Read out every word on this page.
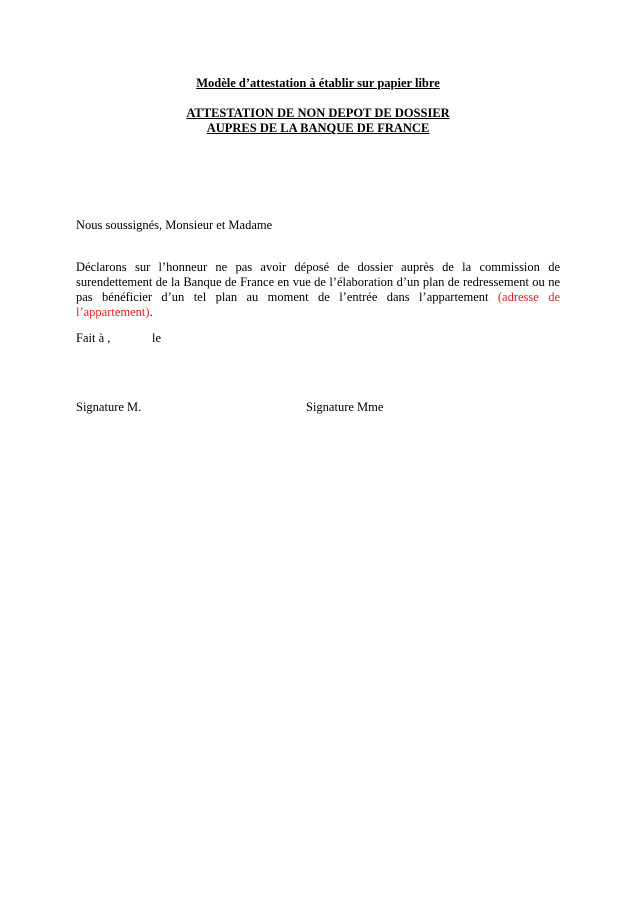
Modèle d’attestation à établir sur papier libre
ATTESTATION DE NON DEPOT DE DOSSIER
AUPRES DE LA BANQUE DE FRANCE
Nous soussignés, Monsieur et Madame
Déclarons sur l’honneur ne pas avoir déposé de dossier auprès de la commission de surendettement de la Banque de France en vue de l’élaboration d’un plan de redressement ou ne pas bénéficier d’un tel plan au moment de l’entrée dans l’appartement (adresse de l’appartement).
Fait à ,	le
Signature M.	Signature Mme
